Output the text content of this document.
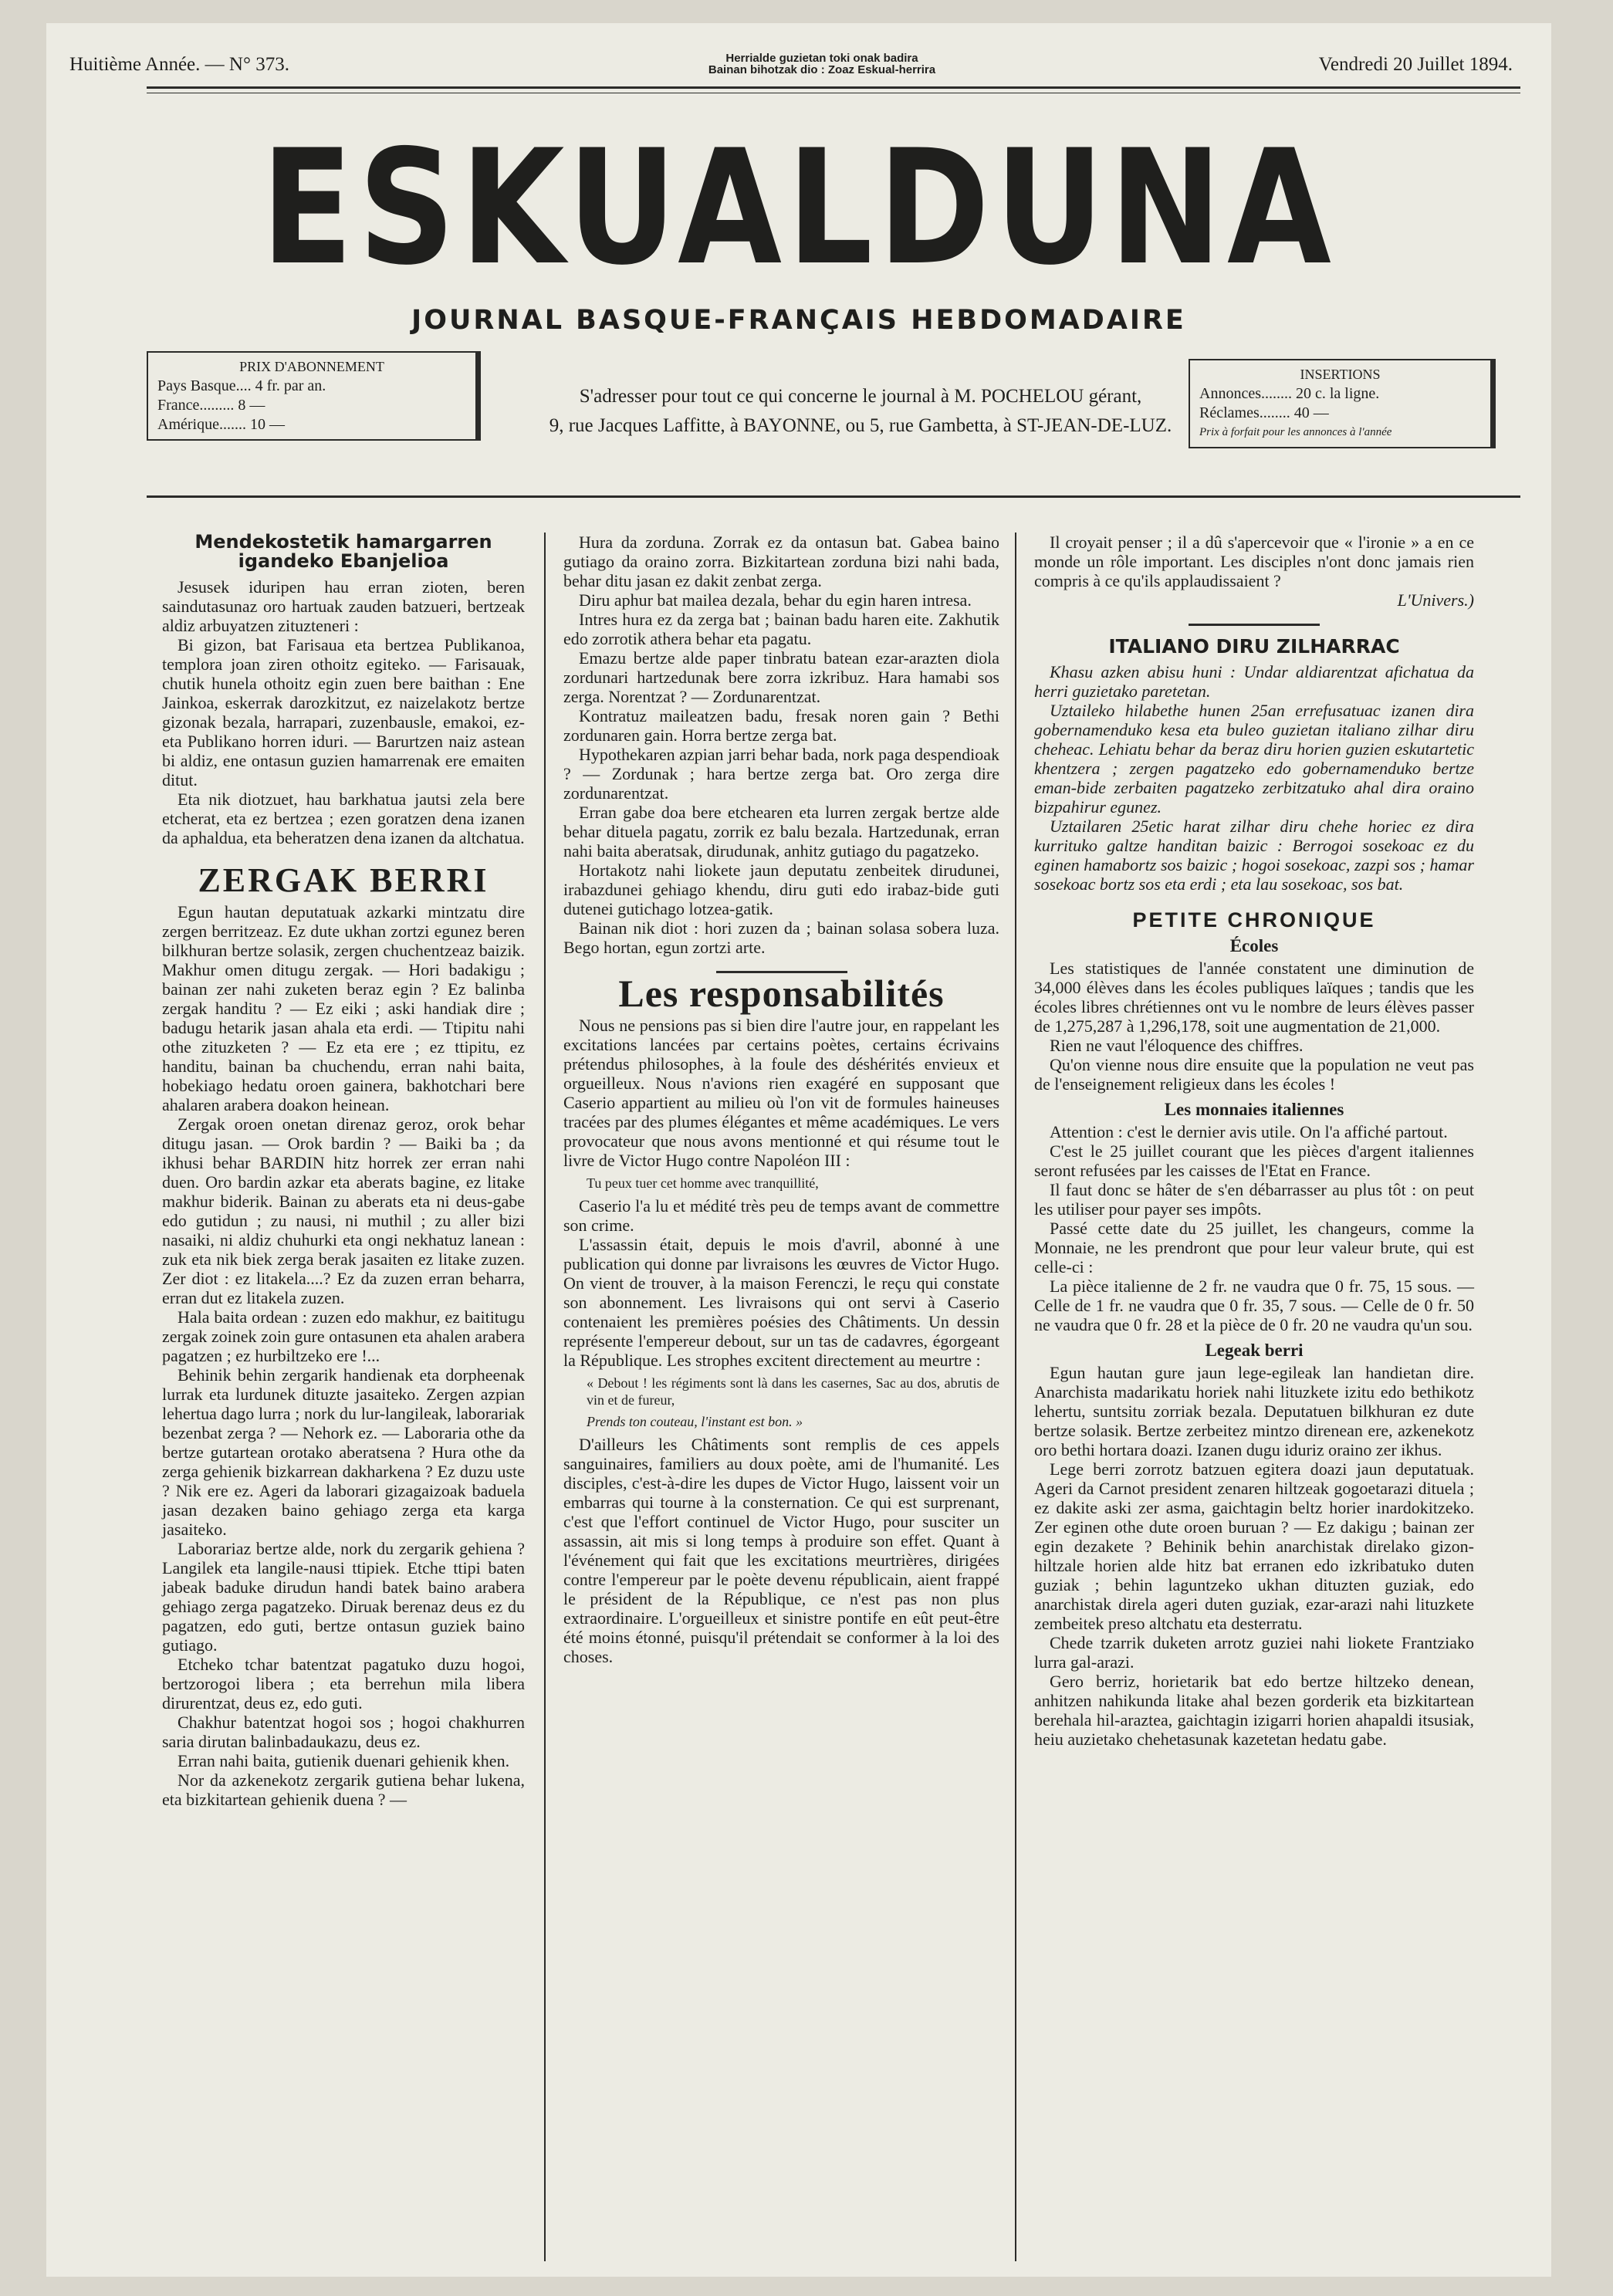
Huitième Année. — N° 373.	Herrialde guzietan toki onak badira
Bainan bihotzak dio : Zoaz Eskual-herrira	Vendredi 20 Juillet 1894.
ESKUALDUNA
JOURNAL BASQUE-FRANÇAIS HEBDOMADAIRE
PRIX D'ABONNEMENT
Pays Basque.... 4 fr. par an.
France......... 8 —
Amérique....... 10 —
S'adresser pour tout ce qui concerne le journal à M. POCHELOU gérant,
9, rue Jacques Laffitte, à BAYONNE, ou 5, rue Gambetta, à ST-JEAN-DE-LUZ.
INSERTIONS
Annonces........ 20 c. la ligne.
Réclames........ 40 —
Prix à forfait pour les annonces à l'année
Mendekostetik hamargarren igandeko Ebanjelioa

Jesusek iduripen hau erran zioten, beren saindutasunaz oro hartuak zauden batzueri, bertzeak aldiz arbuyatzen zituzteneri :

Bi gizon, bat Farisaua eta bertzea Publikanoa, templora joan ziren othoitz egiteko. — Farisauak, chutik hunela othoitz egin zuen bere baithan : Ene Jainkoa, eskerrak darozkitzut, ez naizelakotz bertze gizonak bezala, harrapari, zuzenbausle, emakoi, ez-eta Publikano horren iduri. — Barurtzen naiz astean bi aldiz, ene ontasun guzien hamarrenak ere emaiten ditut.

Eta nik diotzuet, hau barkhatua jautsi zela bere etcherat, eta ez bertzea ; ezen goratzen dena izanen da aphaldua, eta beheratzen dena izanen da altchatua.

ZERGAK BERRI

Egun hautan deputatuak azkarki mintzatu dire zergen berritzeaz. Ez dute ukhan zortzi egunez beren bilkhuran bertze solasik, zergen chuchentzeaz baizik. Makhur omen ditugu zergak. — Hori badakigu ; bainan zer nahi zuketen beraz egin ? Ez balinba zergak handitu ? — Ez eiki ; aski handiak dire ; badugu hetarik jasan ahala eta erdi. — Ttipitu nahi othe zituzketen ? — Ez eta ere ; ez ttipitu, ez handitu, bainan ba chuchendu, erran nahi baita, hobekiago hedatu oroen gainera, bakhotchari bere ahalaren arabera doakon heinean.

Zergak oroen onetan direnaz geroz, orok behar ditugu jasan. — Orok bardin ? — Baiki ba ; da ikhusi behar BARDIN hitz horrek zer erran nahi duen. Oro bardin azkar eta aberats bagine, ez litake makhur biderik. Bainan zu aberats eta ni deus-gabe edo gutidun ; zu nausi, ni muthil ; zu aller bizi nasaiki, ni aldiz chuhurki eta ongi nekhatuz lanean : zuk eta nik biek zerga berak jasaiten ez litake zuzen. Zer diot : ez litakela....? Ez da zuzen erran beharra, erran dut ez litakela zuzen.

Hala baita ordean : zuzen edo makhur, ez baititugu zergak zoinek zoin gure ontasunen eta ahalen arabera pagatzen ; ez hurbiltzeko ere !...

Behinik behin zergarik handienak eta dorpheenak lurrak eta lurdunek dituzte jasaiteko. Zergen azpian lehertua dago lurra ; nork du lur-langileak, laborariak bezenbat zerga ? — Nehork ez. — Laboraria othe da bertze gutartean orotako aberatsena ? Hura othe da zerga gehienik bizkarrean dakharkena ? Ez duzu uste ? Nik ere ez. Ageri da laborari gizagaizoak baduela jasan dezaken baino gehiago zerga eta karga jasaiteko.

Laborariaz bertze alde, nork du zergarik gehiena ? Langilek eta langile-nausi ttipiek. Etche ttipi baten jabeak baduke dirudun handi batek baino arabera gehiago zerga pagatzeko. Diruak berenaz deus ez du pagatzen, edo guti, bertze ontasun guziek baino gutiago.

Etcheko tchar batentzat pagatuko duzu hogoi, bertzorogoi libera ; eta berrehun mila libera dirurentzat, deus ez, edo guti.

Chakhur batentzat hogoi sos ; hogoi chakhurren saria dirutan balinbadaukazu, deus ez.

Erran nahi baita, gutienik duenari gehienik khen.

Nor da azkenekotz zergarik gutiena behar lukena, eta bizkitartean gehienik duena ? —

Hura da zorduna. Zorrak ez da ontasun bat. Gabea baino gutiago da oraino zorra. Bizkitartean zorduna bizi nahi bada, behar ditu jasan ez dakit zenbat zerga.

Diru aphur bat mailea dezala, behar du egin haren intresa.

Intres hura ez da zerga bat ; bainan badu haren eite. Zakhutik edo zorrotik athera behar eta pagatu.

Emazu bertze alde paper tinbratu batean ezar-arazten diola zordunari hartzedunak bere zorra izkribuz. Hara hamabi sos zerga. Norentzat ? — Zordunarentzat.

Kontratuz maileatzen badu, fresak noren gain ? Bethi zordunaren gain. Horra bertze zerga bat.

Hypothekaren azpian jarri behar bada, nork paga despendioak ? — Zordunak ; hara bertze zerga bat. Oro zerga dire zordunarentzat.

Erran gabe doa bere etchearen eta lurren zergak bertze alde behar dituela pagatu, zorrik ez balu bezala. Hartzedunak, erran nahi baita aberatsak, dirudunak, anhitz gutiago du pagatzeko.

Hortakotz nahi liokete jaun deputatu zenbeitek dirudunei, irabazdunei gehiago khendu, diru guti edo irabaz-bide guti dutenei gutichago lotzea-gatik.

Bainan nik diot : hori zuzen da ; bainan solasa sobera luza. Bego hortan, egun zortzi arte.

Les responsabilités

Nous ne pensions pas si bien dire l'autre jour, en rappelant les excitations lancées par certains poètes, certains écrivains prétendus philosophes, à la foule des déshérités envieux et orgueilleux. Nous n'avions rien exagéré en supposant que Caserio appartient au milieu où l'on vit de formules haineuses tracées par des plumes élégantes et même académiques. Le vers provocateur que nous avons mentionné et qui résume tout le livre de Victor Hugo contre Napoléon III :

Tu peux tuer cet homme avec tranquillité,

Caserio l'a lu et médité très peu de temps avant de commettre son crime.

L'assassin était, depuis le mois d'avril, abonné à une publication qui donne par livraisons les œuvres de Victor Hugo. On vient de trouver, à la maison Ferenczi, le reçu qui constate son abonnement. Les livraisons qui ont servi à Caserio contenaient les premières poésies des Châtiments. Un dessin représente l'empereur debout, sur un tas de cadavres, égorgeant la République. Les strophes excitent directement au meurtre :

« Debout ! les régiments sont là dans les casernes, Sac au dos, abrutis de vin et de fureur,
Prends ton couteau, l'instant est bon. »

D'ailleurs les Châtiments sont remplis de ces appels sanguinaires, familiers au doux poète, ami de l'humanité. Les disciples, c'est-à-dire les dupes de Victor Hugo, laissent voir un embarras qui tourne à la consternation. Ce qui est surprenant, c'est que l'effort continuel de Victor Hugo, pour susciter un assassin, ait mis si long temps à produire son effet. Quant à l'événement qui fait que les excitations meurtrières, dirigées contre l'empereur par le poète devenu républicain, aient frappé le président de la République, ce n'est pas non plus extraordinaire. L'orgueilleux et sinistre pontife en eût peut-être été moins étonné, puisqu'il prétendait se conformer à la loi des choses.

Il croyait penser ; il a dû s'apercevoir que « l'ironie » a en ce monde un rôle important. Les disciples n'ont donc jamais rien compris à ce qu'ils applaudissaient ?

L'Univers.)
ITALIANO DIRU ZILHARRAC

Khasu azken abisu huni : Undar aldiarentzat afichatua da herri guzietako paretetan.

Uztaileko hilabethe hunen 25an errefusatuac izanen dira gobernamenduko kesa eta buleo guzietan italiano zilhar diru cheheac. Lehiatu behar da beraz diru horien guzien eskutartetic khentzera ; zergen pagatzeko edo gobernamenduko bertze eman-bide zerbaiten pagatzeko zerbitzatuko ahal dira oraino bizpahirur egunez.

Uztailaren 25etic harat zilhar diru chehe horiec ez dira kurrituko galtze handitan baizic : Berrogoi sosekoac ez du eginen hamabortz sos baizic ; hogoi sosekoac, zazpi sos ; hamar sosekoac bortz sos eta erdi ; eta lau sosekoac, sos bat.

PETITE CHRONIQUE
Écoles

Les statistiques de l'année constatent une diminution de 34,000 élèves dans les écoles publiques laïques ; tandis que les écoles libres chrétiennes ont vu le nombre de leurs élèves passer de 1,275,287 à 1,296,178, soit une augmentation de 21,000.

Rien ne vaut l'éloquence des chiffres.

Qu'on vienne nous dire ensuite que la population ne veut pas de l'enseignement religieux dans les écoles !

Les monnaies italiennes

Attention : c'est le dernier avis utile. On l'a affiché partout.

C'est le 25 juillet courant que les pièces d'argent italiennes seront refusées par les caisses de l'Etat en France.

Il faut donc se hâter de s'en débarrasser au plus tôt : on peut les utiliser pour payer ses impôts.

Passé cette date du 25 juillet, les changeurs, comme la Monnaie, ne les prendront que pour leur valeur brute, qui est celle-ci :

La pièce italienne de 2 fr. ne vaudra que 0 fr. 75, 15 sous. — Celle de 1 fr. ne vaudra que 0 fr. 35, 7 sous. — Celle de 0 fr. 50 ne vaudra que 0 fr. 28 et la pièce de 0 fr. 20 ne vaudra qu'un sou.

Legeak berri

Egun hautan gure jaun lege-egileak lan handietan dire. Anarchista madarikatu horiek nahi lituzkete izitu edo bethikotz lehertu, suntsitu zorriak bezala. Deputatuen bilkhuran ez dute bertze solasik. Bertze zerbeitez mintzo direnean ere, azkenekotz oro bethi hortara doazi. Izanen dugu iduriz oraino zer ikhus.

Lege berri zorrotz batzuen egitera doazi jaun deputatuak. Ageri da Carnot president zenaren hiltzeak gogoetarazi dituela ; ez dakite aski zer asma, gaichtagin beltz horier inardokitzeko. Zer eginen othe dute oroen buruan ? — Ez dakigu ; bainan zer egin dezakete ? Behinik behin anarchistak direlako gizon-hiltzale horien alde hitz bat erranen edo izkribatuko duten guziak ; behin laguntzeko ukhan dituzten guziak, edo anarchistak direla ageri duten guziak, ezar-arazi nahi lituzkete zembeitek preso altchatu eta desterratu.

Chede tzarrik duketen arrotz guziei nahi liokete Frantziako lurra gal-arazi.

Gero berriz, horietarik bat edo bertze hiltzeko denean, anhitzen nahikunda litake ahal bezen gorderik eta bizkitartean berehala hil-araztea, gaichtagin izigarri horien ahapaldi itsusiak, heiu auzietako chehetasunak kazetetan hedatu gabe.
